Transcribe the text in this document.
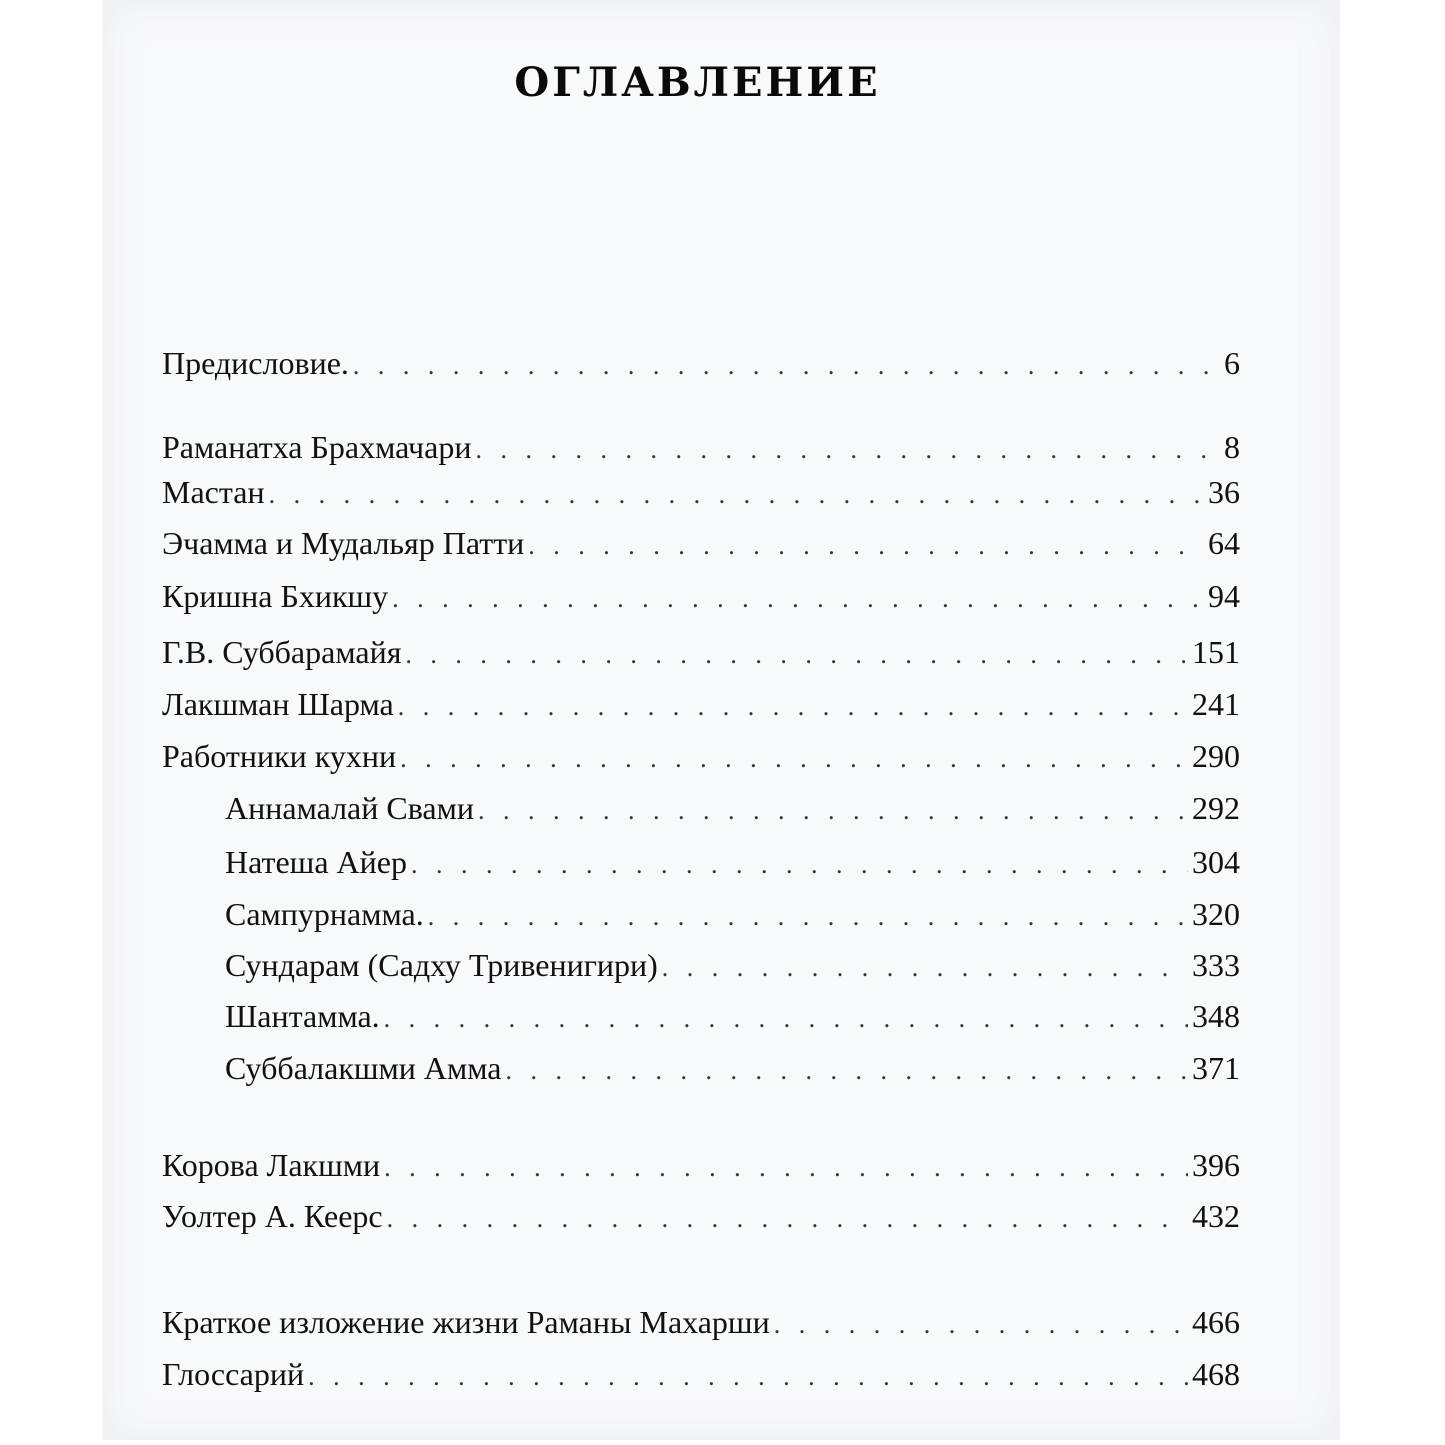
ОГЛАВЛЕНИЕ
Предисловие. . . .	6
Раманатха Брахмачари . . .	8
Мастан . . .	36
Эчамма и Мудальяр Патти . . .	64
Кришна Бхикшу . . .	94
Г.В. Суббарамайя . . .	151
Лакшман Шарма . . .	241
Работники кухни . . .	290
Аннамалай Свами . . .	292
Натеша Айер . . .	304
Сампурнамма. . . .	320
Сундарам (Садху Тривенигири) . . .	333
Шантамма. . . .	348
Суббалакшми Амма . . .	371
Корова Лакшми . . .	396
Уолтер А. Кеерс . . .	432
Краткое изложение жизни Раманы Махарши . . .	466
Глоссарий . . .	468
